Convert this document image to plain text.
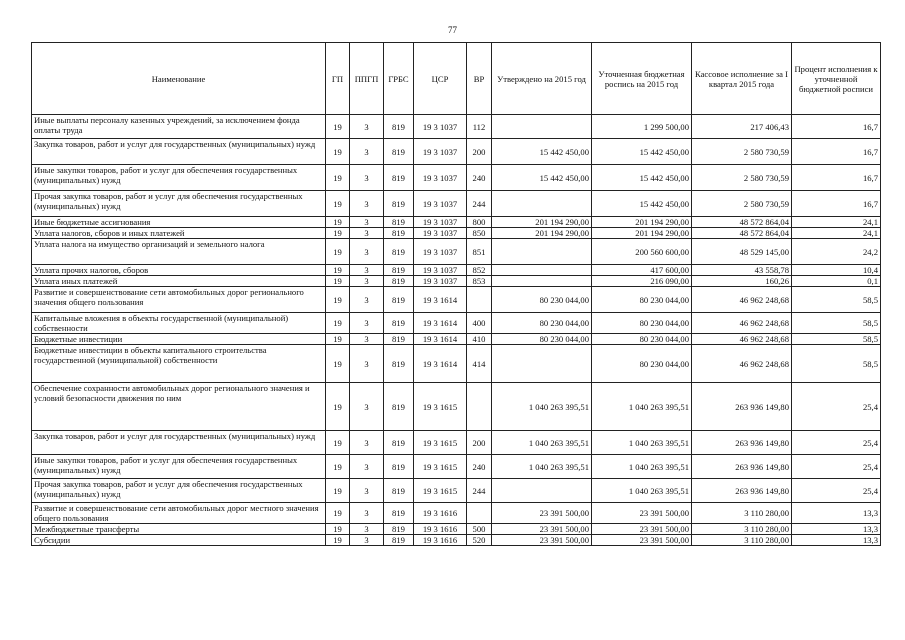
77
Наименование	ГП	ППГП	ГРБС	ЦСР	ВР	Утверждено на 2015 год	Уточненная бюджетная роспись на 2015 год	Кассовое исполнение за I квартал 2015 года	Процент исполнения к уточненной бюджетной росписи
Иные выплаты персоналу казенных учреждений, за исключением фонда оплаты труда	19	3	819	19 3 1037	112		1 299 500,00	217 406,43	16,7
Закупка товаров, работ и услуг для государственных (муниципальных) нужд	19	3	819	19 3 1037	200	15 442 450,00	15 442 450,00	2 580 730,59	16,7
Иные закупки товаров, работ и услуг для обеспечения государственных (муниципальных) нужд	19	3	819	19 3 1037	240	15 442 450,00	15 442 450,00	2 580 730,59	16,7
Прочая закупка товаров, работ и услуг для обеспечения государственных (муниципальных) нужд	19	3	819	19 3 1037	244		15 442 450,00	2 580 730,59	16,7
Иные бюджетные ассигнования	19	3	819	19 3 1037	800	201 194 290,00	201 194 290,00	48 572 864,04	24,1
Уплата налогов, сборов и иных платежей	19	3	819	19 3 1037	850	201 194 290,00	201 194 290,00	48 572 864,04	24,1
Уплата налога на имущество организаций и земельного налога	19	3	819	19 3 1037	851		200 560 600,00	48 529 145,00	24,2
Уплата прочих налогов, сборов	19	3	819	19 3 1037	852		417 600,00	43 558,78	10,4
Уплата иных платежей	19	3	819	19 3 1037	853		216 090,00	160,26	0,1
Развитие и совершенствование сети автомобильных дорог регионального значения общего пользования	19	3	819	19 3 1614		80 230 044,00	80 230 044,00	46 962 248,68	58,5
Капитальные вложения в объекты государственной (муниципальной) собственности	19	3	819	19 3 1614	400	80 230 044,00	80 230 044,00	46 962 248,68	58,5
Бюджетные инвестиции	19	3	819	19 3 1614	410	80 230 044,00	80 230 044,00	46 962 248,68	58,5
Бюджетные инвестиции в объекты капитального строительства государственной (муниципальной) собственности	19	3	819	19 3 1614	414		80 230 044,00	46 962 248,68	58,5
Обеспечение сохранности автомобильных дорог регионального значения и условий безопасности движения по ним	19	3	819	19 3 1615		1 040 263 395,51	1 040 263 395,51	263 936 149,80	25,4
Закупка товаров, работ и услуг для государственных (муниципальных) нужд	19	3	819	19 3 1615	200	1 040 263 395,51	1 040 263 395,51	263 936 149,80	25,4
Иные закупки товаров, работ и услуг для обеспечения государственных (муниципальных) нужд	19	3	819	19 3 1615	240	1 040 263 395,51	1 040 263 395,51	263 936 149,80	25,4
Прочая закупка товаров, работ и услуг для обеспечения государственных (муниципальных) нужд	19	3	819	19 3 1615	244		1 040 263 395,51	263 936 149,80	25,4
Развитие и совершенствование сети автомобильных дорог местного значения общего пользования	19	3	819	19 3 1616		23 391 500,00	23 391 500,00	3 110 280,00	13,3
Межбюджетные трансферты	19	3	819	19 3 1616	500	23 391 500,00	23 391 500,00	3 110 280,00	13,3
Субсидии	19	3	819	19 3 1616	520	23 391 500,00	23 391 500,00	3 110 280,00	13,3
